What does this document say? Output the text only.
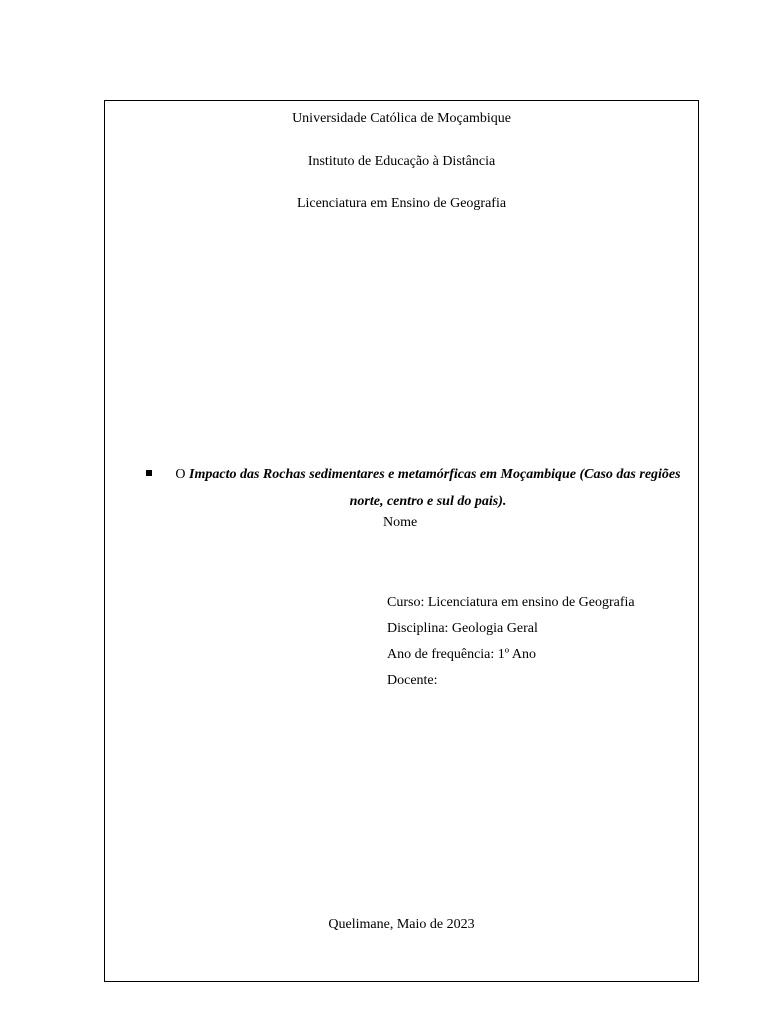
Universidade Católica de Moçambique
Instituto de Educação à Distância
Licenciatura em Ensino de Geografia
O Impacto das Rochas sedimentares e metamórficas em Moçambique (Caso das regiões norte, centro e sul do pais).
Nome
Curso: Licenciatura em ensino de Geografia
Disciplina: Geologia Geral
Ano de frequência: 1º Ano
Docente:
Quelimane, Maio de 2023
